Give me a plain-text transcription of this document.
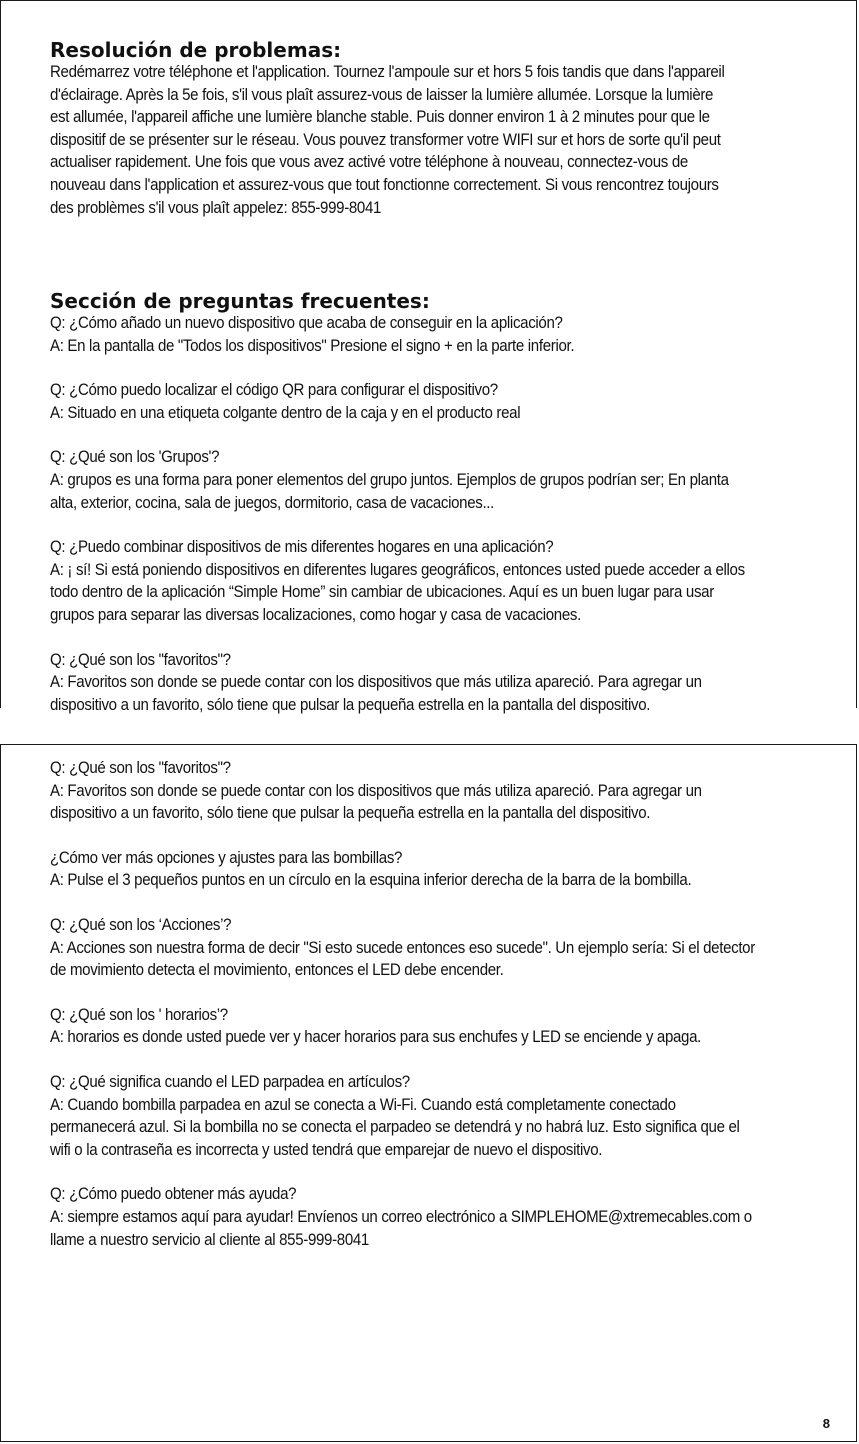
Resolución de problemas:

Redémarrez votre téléphone et l'application. Tournez l'ampoule sur et hors 5 fois tandis que dans l'appareil

d'éclairage. Après la 5e fois, s'il vous plaît assurez-vous de laisser la lumière allumée. Lorsque la lumière

est allumée, l'appareil affiche une lumière blanche stable. Puis donner environ 1 à 2 minutes pour que le

dispositif de se présenter sur le réseau. Vous pouvez transformer votre WIFI sur et hors de sorte qu'il peut

actualiser rapidement. Une fois que vous avez activé votre téléphone à nouveau, connectez-vous de

nouveau dans l'application et assurez-vous que tout fonctionne correctement. Si vous rencontrez toujours

des problèmes s'il vous plaît appelez: 855-999-8041

Sección de preguntas frecuentes:

Q: ¿Cómo añado un nuevo dispositivo que acaba de conseguir en la aplicación?

A: En la pantalla de "Todos los dispositivos" Presione el signo + en la parte inferior.

Q: ¿Cómo puedo localizar el código QR para configurar el dispositivo?

A: Situado en una etiqueta colgante dentro de la caja y en el producto real

Q: ¿Qué son los 'Grupos'?

A: grupos es una forma para poner elementos del grupo juntos. Ejemplos de grupos podrían ser; En planta

alta, exterior, cocina, sala de juegos, dormitorio, casa de vacaciones...

Q: ¿Puedo combinar dispositivos de mis diferentes hogares en una aplicación?

A: ¡ sí! Si está poniendo dispositivos en diferentes lugares geográficos, entonces usted puede acceder a ellos

todo dentro de la aplicación “Simple Home” sin cambiar de ubicaciones. Aquí es un buen lugar para usar

grupos para separar las diversas localizaciones, como hogar y casa de vacaciones.

Q: ¿Qué son los "favoritos"?

A: Favoritos son donde se puede contar con los dispositivos que más utiliza apareció. Para agregar un

dispositivo a un favorito, sólo tiene que pulsar la pequeña estrella en la pantalla del dispositivo.

Q: ¿Qué son los "favoritos"?

A: Favoritos son donde se puede contar con los dispositivos que más utiliza apareció. Para agregar un

dispositivo a un favorito, sólo tiene que pulsar la pequeña estrella en la pantalla del dispositivo.

¿Cómo ver más opciones y ajustes para las bombillas?

A: Pulse el 3 pequeños puntos en un círculo en la esquina inferior derecha de la barra de la bombilla.

Q: ¿Qué son los ‘Acciones’?

A: Acciones son nuestra forma de decir "Si esto sucede entonces eso sucede". Un ejemplo sería: Si el detector

de movimiento detecta el movimiento, entonces el LED debe encender.

Q: ¿Qué son los ' horarios’?

A: horarios es donde usted puede ver y hacer horarios para sus enchufes y LED se enciende y apaga.

Q: ¿Qué significa cuando el LED parpadea en artículos?

A: Cuando bombilla parpadea en azul se conecta a Wi-Fi. Cuando está completamente conectado

permanecerá azul. Si la bombilla no se conecta el parpadeo se detendrá y no habrá luz. Esto significa que el

wifi o la contraseña es incorrecta y usted tendrá que emparejar de nuevo el dispositivo.

Q: ¿Cómo puedo obtener más ayuda?

A: siempre estamos aquí para ayudar! Envíenos un correo electrónico a SIMPLEHOME@xtremecables.com o

llame a nuestro servicio al cliente al 855-999-8041

8
